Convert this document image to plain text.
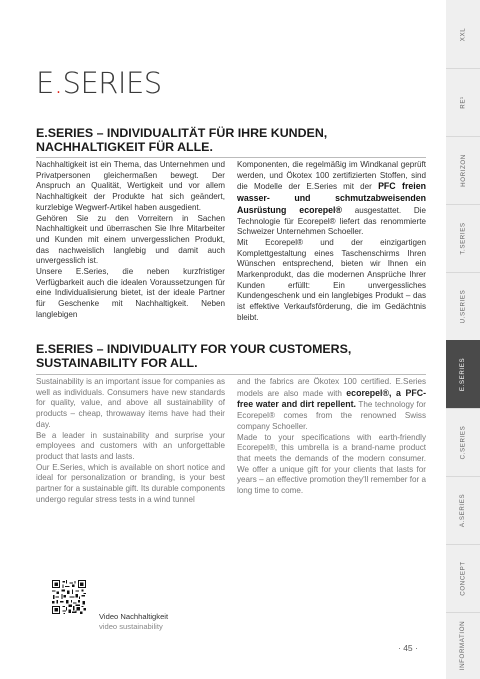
E.SERIES
E.SERIES – INDIVIDUALITÄT FÜR IHRE KUNDEN, NACHHALTIGKEIT FÜR ALLE.

Nachhaltigkeit ist ein Thema, das Unternehmen und Privatpersonen gleichermaßen bewegt. Der Anspruch an Qualität, Wertigkeit und vor allem Nachhaltigkeit der Produkte hat sich geändert, kurzlebige Wegwerf-Artikel haben ausgedient.
Gehören Sie zu den Vorreitern in Sachen Nachhaltigkeit und überraschen Sie Ihre Mitarbeiter und Kunden mit einem unvergesslichen Produkt, das nachweislich langlebig und damit auch unvergesslich ist.
Unsere E.Series, die neben kurzfristiger Verfügbarkeit auch die idealen Voraussetzungen für eine Individualisierung bietet, ist der ideale Partner für Geschenke mit Nachhaltigkeit. Neben langlebigen

Komponenten, die regelmäßig im Windkanal geprüft werden, und Ökotex 100 zertifizierten Stoffen, sind die Modelle der E.Series mit der PFC freien wasser- und schmutzabweisenden Ausrüstung ecorepel® ausgestattet. Die Technologie für Ecorepel® liefert das renommierte Schweizer Unternehmen Schoeller.
Mit Ecorepel® und der einzigartigen Komplettgestaltung eines Taschenschirms Ihren Wünschen entsprechend, bieten wir Ihnen ein Markenprodukt, das die modernen Ansprüche Ihrer Kunden erfüllt: Ein unvergessliches Kundengeschenk und ein langlebiges Produkt – das ist effektive Verkaufsförderung, die im Gedächtnis bleibt.

E.SERIES – INDIVIDUALITY FOR YOUR CUSTOMERS, SUSTAINABILITY FOR ALL.

Sustainability is an important issue for companies as well as individuals. Consumers have new standards for quality, value, and above all sustainability of products – cheap, throwaway items have had their day.
Be a leader in sustainability and surprise your employees and customers with an unforgettable product that lasts and lasts.
Our E.Series, which is available on short notice and ideal for personalization or branding, is your best partner for a sustainable gift. Its durable components undergo regular stress tests in a wind tunnel

and the fabrics are Ökotex 100 certified. E.Series models are also made with ecorepel®, a PFC-free water and dirt repellent. The technology for Ecorepel® comes from the renowned Swiss company Schoeller.
Made to your specifications with earth-friendly Ecorepel®, this umbrella is a brand-name product that meets the demands of the modern consumer. We offer a unique gift for your clients that lasts for years – an effective promotion they'll remember for a long time to come.

Video Nachhaltigkeit
video sustainability
· 45 ·
XXL
RE¹
HORIZON
T.SERIES
U.SERIES
E.SERIES
C.SERIES
A.SERIES
CONCEPT
INFORMATION
